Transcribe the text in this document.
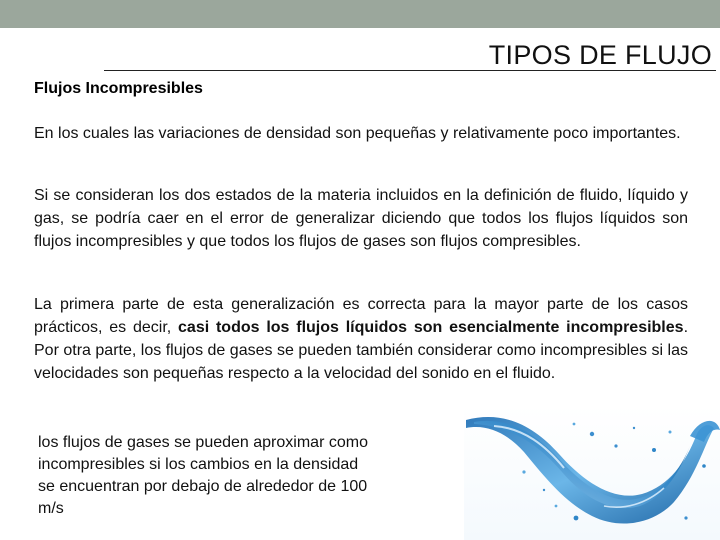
TIPOS DE FLUJO
Flujos Incompresibles
En los cuales las variaciones de densidad son pequeñas y relativamente poco importantes.
Si se consideran los dos estados de la materia incluidos en la definición de fluido, líquido y gas, se podría caer en el error de generalizar diciendo que todos los flujos líquidos son flujos incompresibles y que todos los flujos de gases son flujos compresibles.
La primera parte de esta generalización es correcta para la mayor parte de los casos prácticos, es decir, casi todos los flujos líquidos son esencialmente incompresibles. Por otra parte, los flujos de gases se pueden también considerar como incompresibles si las velocidades son pequeñas respecto a la velocidad del sonido en el fluido.
los flujos de gases se pueden aproximar como incompresibles si los cambios en la densidad se encuentran por debajo de alrededor de 100 m/s
